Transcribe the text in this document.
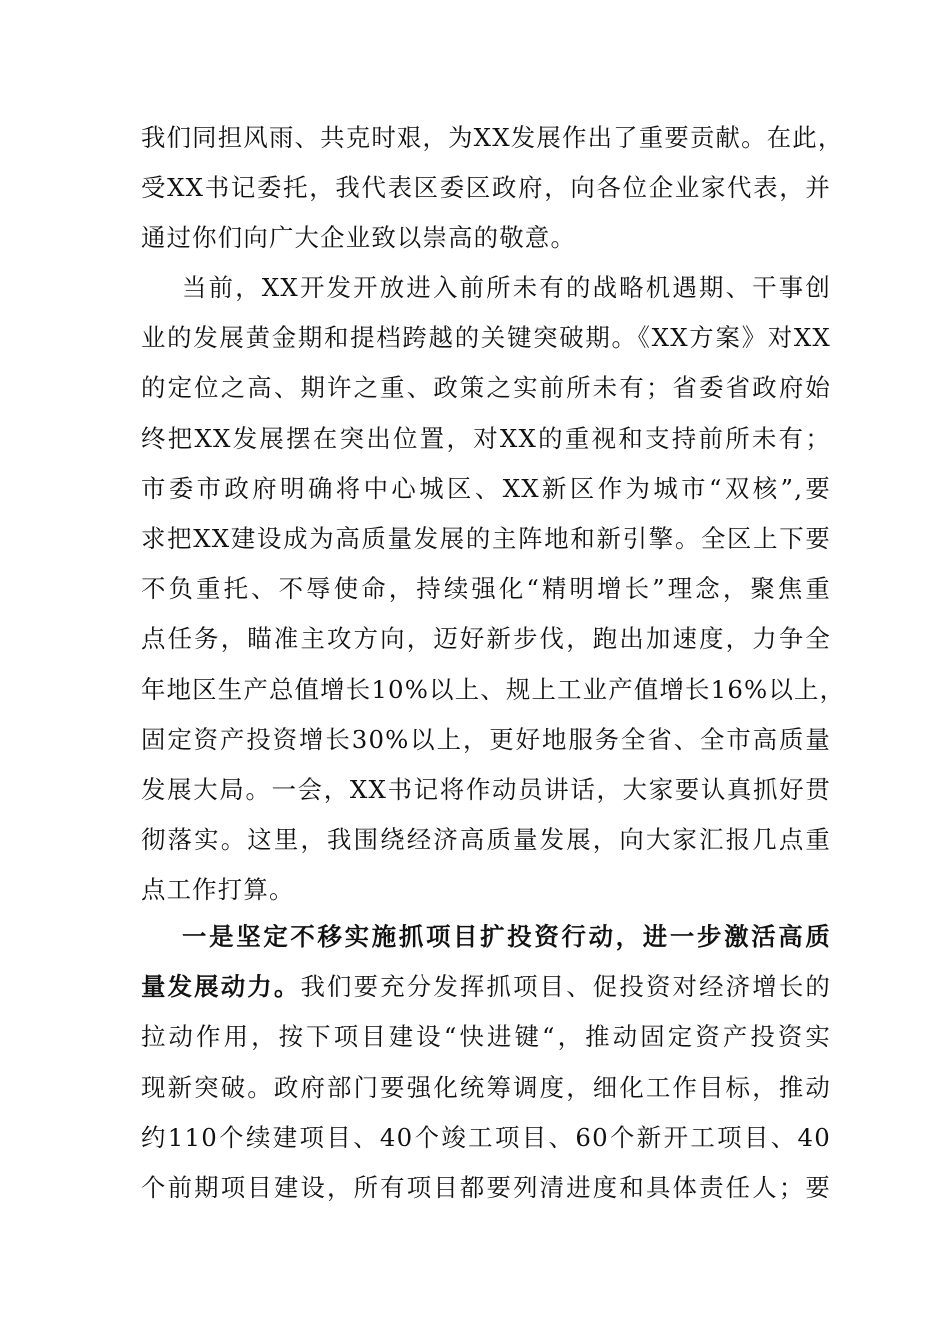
我们同担风雨、共克时艰，为XX发展作出了重要贡献。在此，
受XX书记委托，我代表区委区政府，向各位企业家代表，并
通过你们向广大企业致以崇高的敬意。
当前，XX开发开放进入前所未有的战略机遇期、干事创
业的发展黄金期和提档跨越的关键突破期。《XX方案》对XX
的定位之高、期许之重、政策之实前所未有；省委省政府始
终把XX发展摆在突出位置，对XX的重视和支持前所未有；
市委市政府明确将中心城区、XX新区作为城市“双核”,要
求把XX建设成为高质量发展的主阵地和新引擎。全区上下要
不负重托、不辱使命，持续强化“精明增长”理念，聚焦重
点任务，瞄准主攻方向，迈好新步伐，跑出加速度，力争全
年地区生产总值增长10%以上、规上工业产值增长16%以上，
固定资产投资增长30%以上，更好地服务全省、全市高质量
发展大局。一会，XX书记将作动员讲话，大家要认真抓好贯
彻落实。这里，我围绕经济高质量发展，向大家汇报几点重
点工作打算。
一是坚定不移实施抓项目扩投资行动，进一步激活高质
量发展动力。我们要充分发挥抓项目、促投资对经济增长的
拉动作用，按下项目建设“快进键“，推动固定资产投资实
现新突破。政府部门要强化统筹调度，细化工作目标，推动
约110个续建项目、40个竣工项目、60个新开工项目、40
个前期项目建设，所有项目都要列清进度和具体责任人；要
